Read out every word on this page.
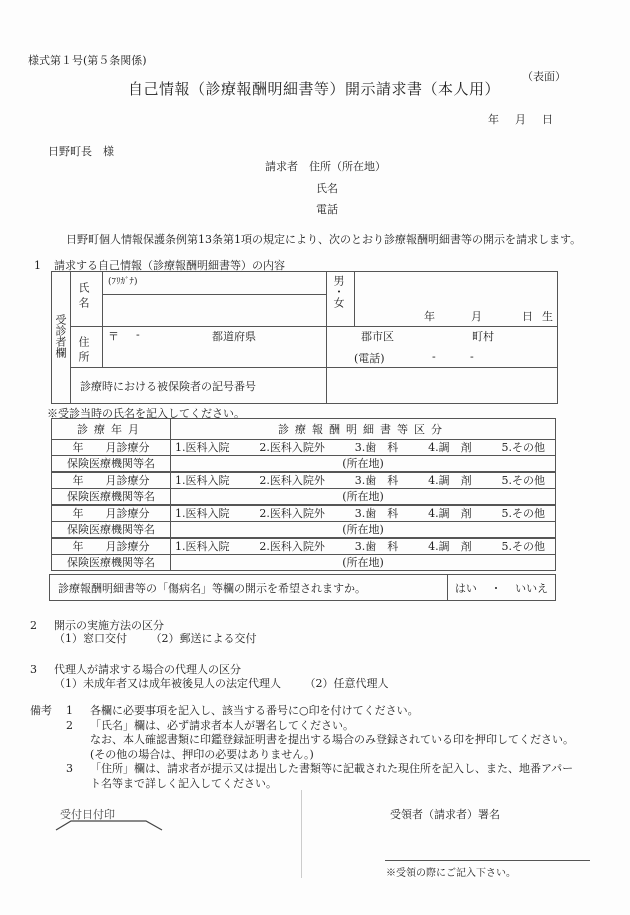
様式第１号(第５条関係)
（表面）
自己情報（診療報酬明細書等）開示請求書（本人用）
年 月 日
日野町長　様
請求者　住所（所在地）
氏名
電話
日野町個人情報保護条例第13条第1項の規定により、次のとおり診療報酬明細書等の開示を請求します。
1 請求する自己情報（診療報酬明細書等）の内容
受診者欄
氏名 (ﾌﾘｶﾞﾅ)	男・女
年	月	日 生
住所 〒 -	都道府県	郡市区	町村
(電話)	-	-
診療時における被保険者の記号番号
※受診当時の氏名を記入してください。
診療年月	診療報酬明細書等区分
年　　月診療分	1.医科入院 2.医科入院外 3.歯　科 4.調　剤 5.その他

保険医療機関等名	(所在地)
年　　月診療分	1.医科入院 2.医科入院外 3.歯　科 4.調　剤 5.その他

保険医療機関等名	(所在地)
年　　月診療分	1.医科入院 2.医科入院外 3.歯　科 4.調　剤 5.その他

保険医療機関等名	(所在地)
年　　月診療分	1.医科入院 2.医科入院外 3.歯　科 4.調　剤 5.その他

保険医療機関等名	(所在地)
診療報酬明細書等の「傷病名」等欄の開示を希望されますか。	はい ・ いいえ
2 開示の実施方法の区分
（1）窓口交付 （2）郵送による交付
3 代理人が請求する場合の代理人の区分
（1）未成年者又は成年被後見人の法定代理人 （2）任意代理人
備考	1	各欄に必要事項を記入し、該当する番号に○印を付けてください。
2	「氏名」欄は、必ず請求者本人が署名してください。
なお、本人確認書類に印鑑登録証明書を提出する場合のみ登録されている印を押印してください。
(その他の場合は、押印の必要はありません。)
3	「住所」欄は、請求者が提示又は提出した書類等に記載された現住所を記入し、また、地番アパー
ト名等まで詳しく記入してください。
受付日付印	受領者（請求者）署名
※受領の際にご記入下さい。
